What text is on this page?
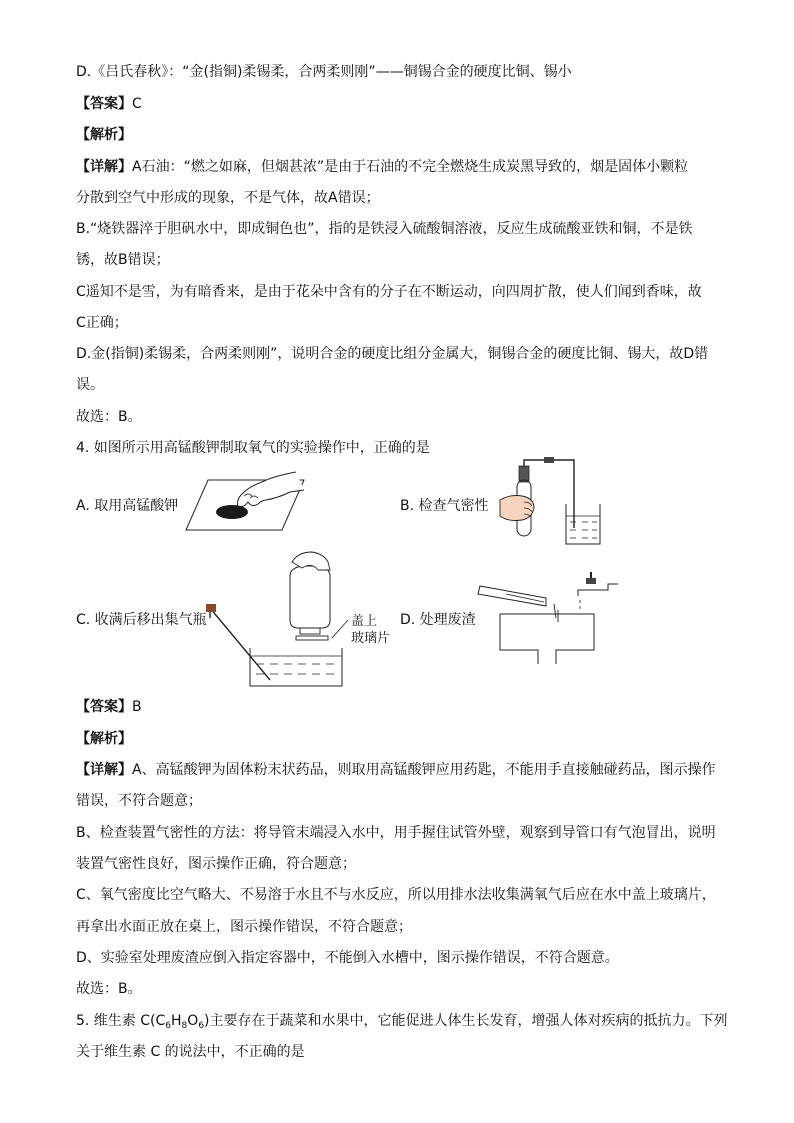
D.《吕氏春秋》：“金(指铜)柔锡柔，合两柔则刚”——铜锡合金的硬度比铜、锡小
【答案】C
【解析】
【详解】A石油：“燃之如麻，但烟甚浓”是由于石油的不完全燃烧生成炭黑导致的，烟是固体小颗粒
分散到空气中形成的现象，不是气体，故A错误；
B.“烧铁器淬于胆矾水中，即成铜色也”，指的是铁浸入硫酸铜溶液，反应生成硫酸亚铁和铜，不是铁
锈，故B错误；
C遥知不是雪，为有暗香来，是由于花朵中含有的分子在不断运动，向四周扩散，使人们闻到香味，故
C正确；
D.金(指铜)柔锡柔，合两柔则刚”，说明合金的硬度比组分金属大，铜锡合金的硬度比铜、锡大，故D错
误。
故选：B。
4. 如图所示用高锰酸钾制取氧气的实验操作中，正确的是
A. 取用高锰酸钾	B. 检查气密性
C. 收满后移出集气瓶	D. 处理废渣
盖上
玻璃片
【答案】B
【解析】
【详解】A、高锰酸钾为固体粉末状药品，则取用高锰酸钾应用药匙，不能用手直接触碰药品，图示操作
错误，不符合题意；
B、检查装置气密性的方法：将导管末端浸入水中，用手握住试管外壁，观察到导管口有气泡冒出，说明
装置气密性良好，图示操作正确，符合题意；
C、氧气密度比空气略大、不易溶于水且不与水反应，所以用排水法收集满氧气后应在水中盖上玻璃片，
再拿出水面正放在桌上，图示操作错误，不符合题意；
D、实验室处理废渣应倒入指定容器中，不能倒入水槽中，图示操作错误，不符合题意。
故选：B。
5. 维生素 $C(C_6H_8O_6)$主要存在于蔬菜和水果中，它能促进人体生长发育，增强人体对疾病的抵抗力。下列
关于维生素 C 的说法中，不正确的是
